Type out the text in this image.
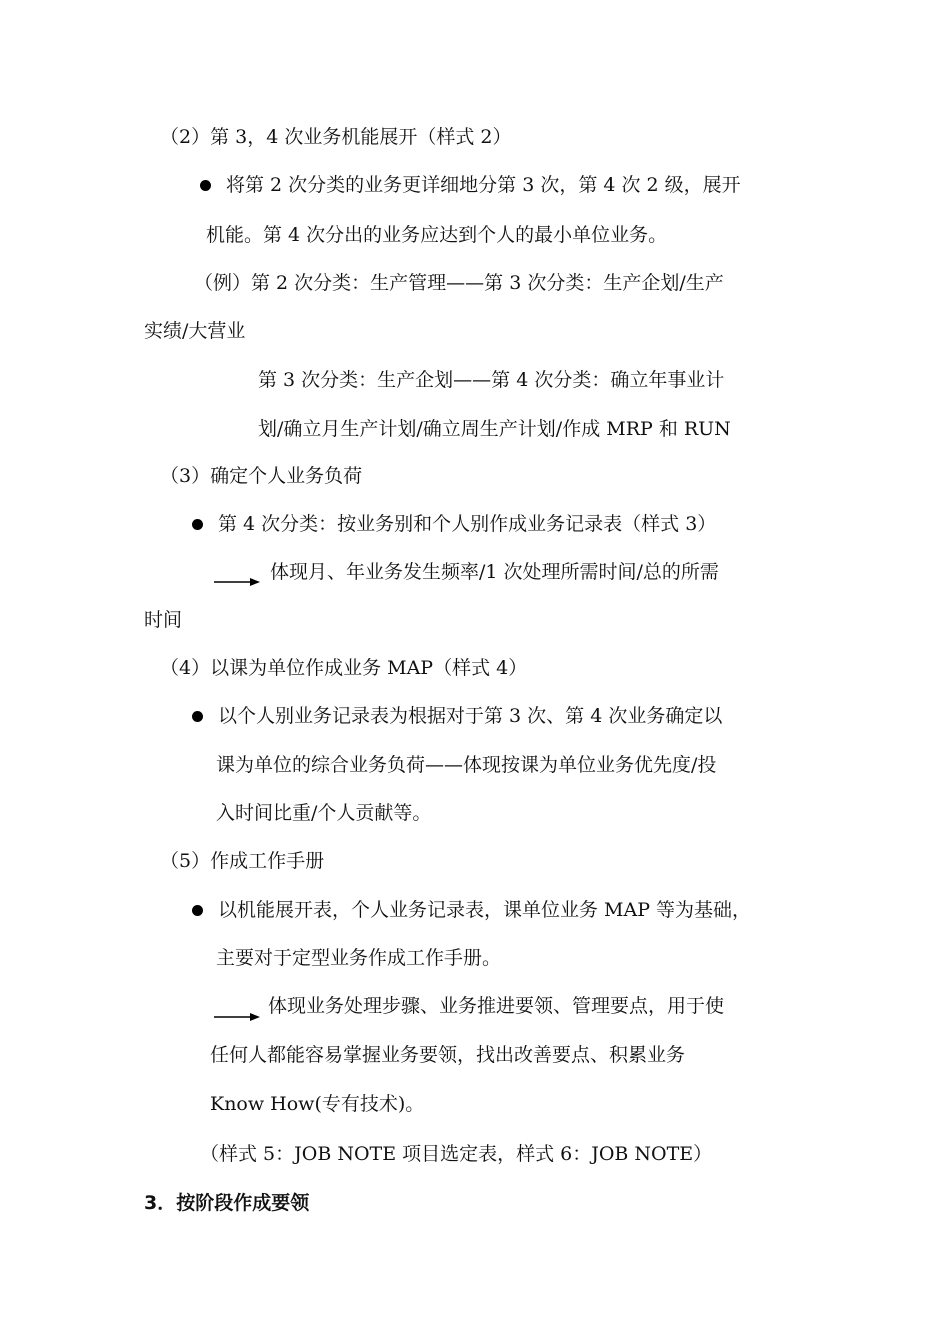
（2）第 3，4 次业务机能展开（样式 2）
将第 2 次分类的业务更详细地分第 3 次，第 4 次 2 级，展开
机能。第 4 次分出的业务应达到个人的最小单位业务。
（例）第 2 次分类：生产管理——第 3 次分类：生产企划/生产
实绩/大营业
第 3 次分类：生产企划——第 4 次分类：确立年事业计
划/确立月生产计划/确立周生产计划/作成 MRP 和 RUN
（3）确定个人业务负荷
第 4 次分类：按业务别和个人别作成业务记录表（样式 3）
体现月、年业务发生频率/1 次处理所需时间/总的所需
时间
（4）以课为单位作成业务 MAP（样式 4）
以个人别业务记录表为根据对于第 3 次、第 4 次业务确定以
课为单位的综合业务负荷——体现按课为单位业务优先度/投
入时间比重/个人贡献等。
（5）作成工作手册
以机能展开表，个人业务记录表，课单位业务 MAP 等为基础，
主要对于定型业务作成工作手册。
体现业务处理步骤、业务推进要领、管理要点，用于使
任何人都能容易掌握业务要领，找出改善要点、积累业务
Know How(专有技术)。
（样式 5：JOB NOTE 项目选定表，样式 6：JOB NOTE）
3．按阶段作成要领
